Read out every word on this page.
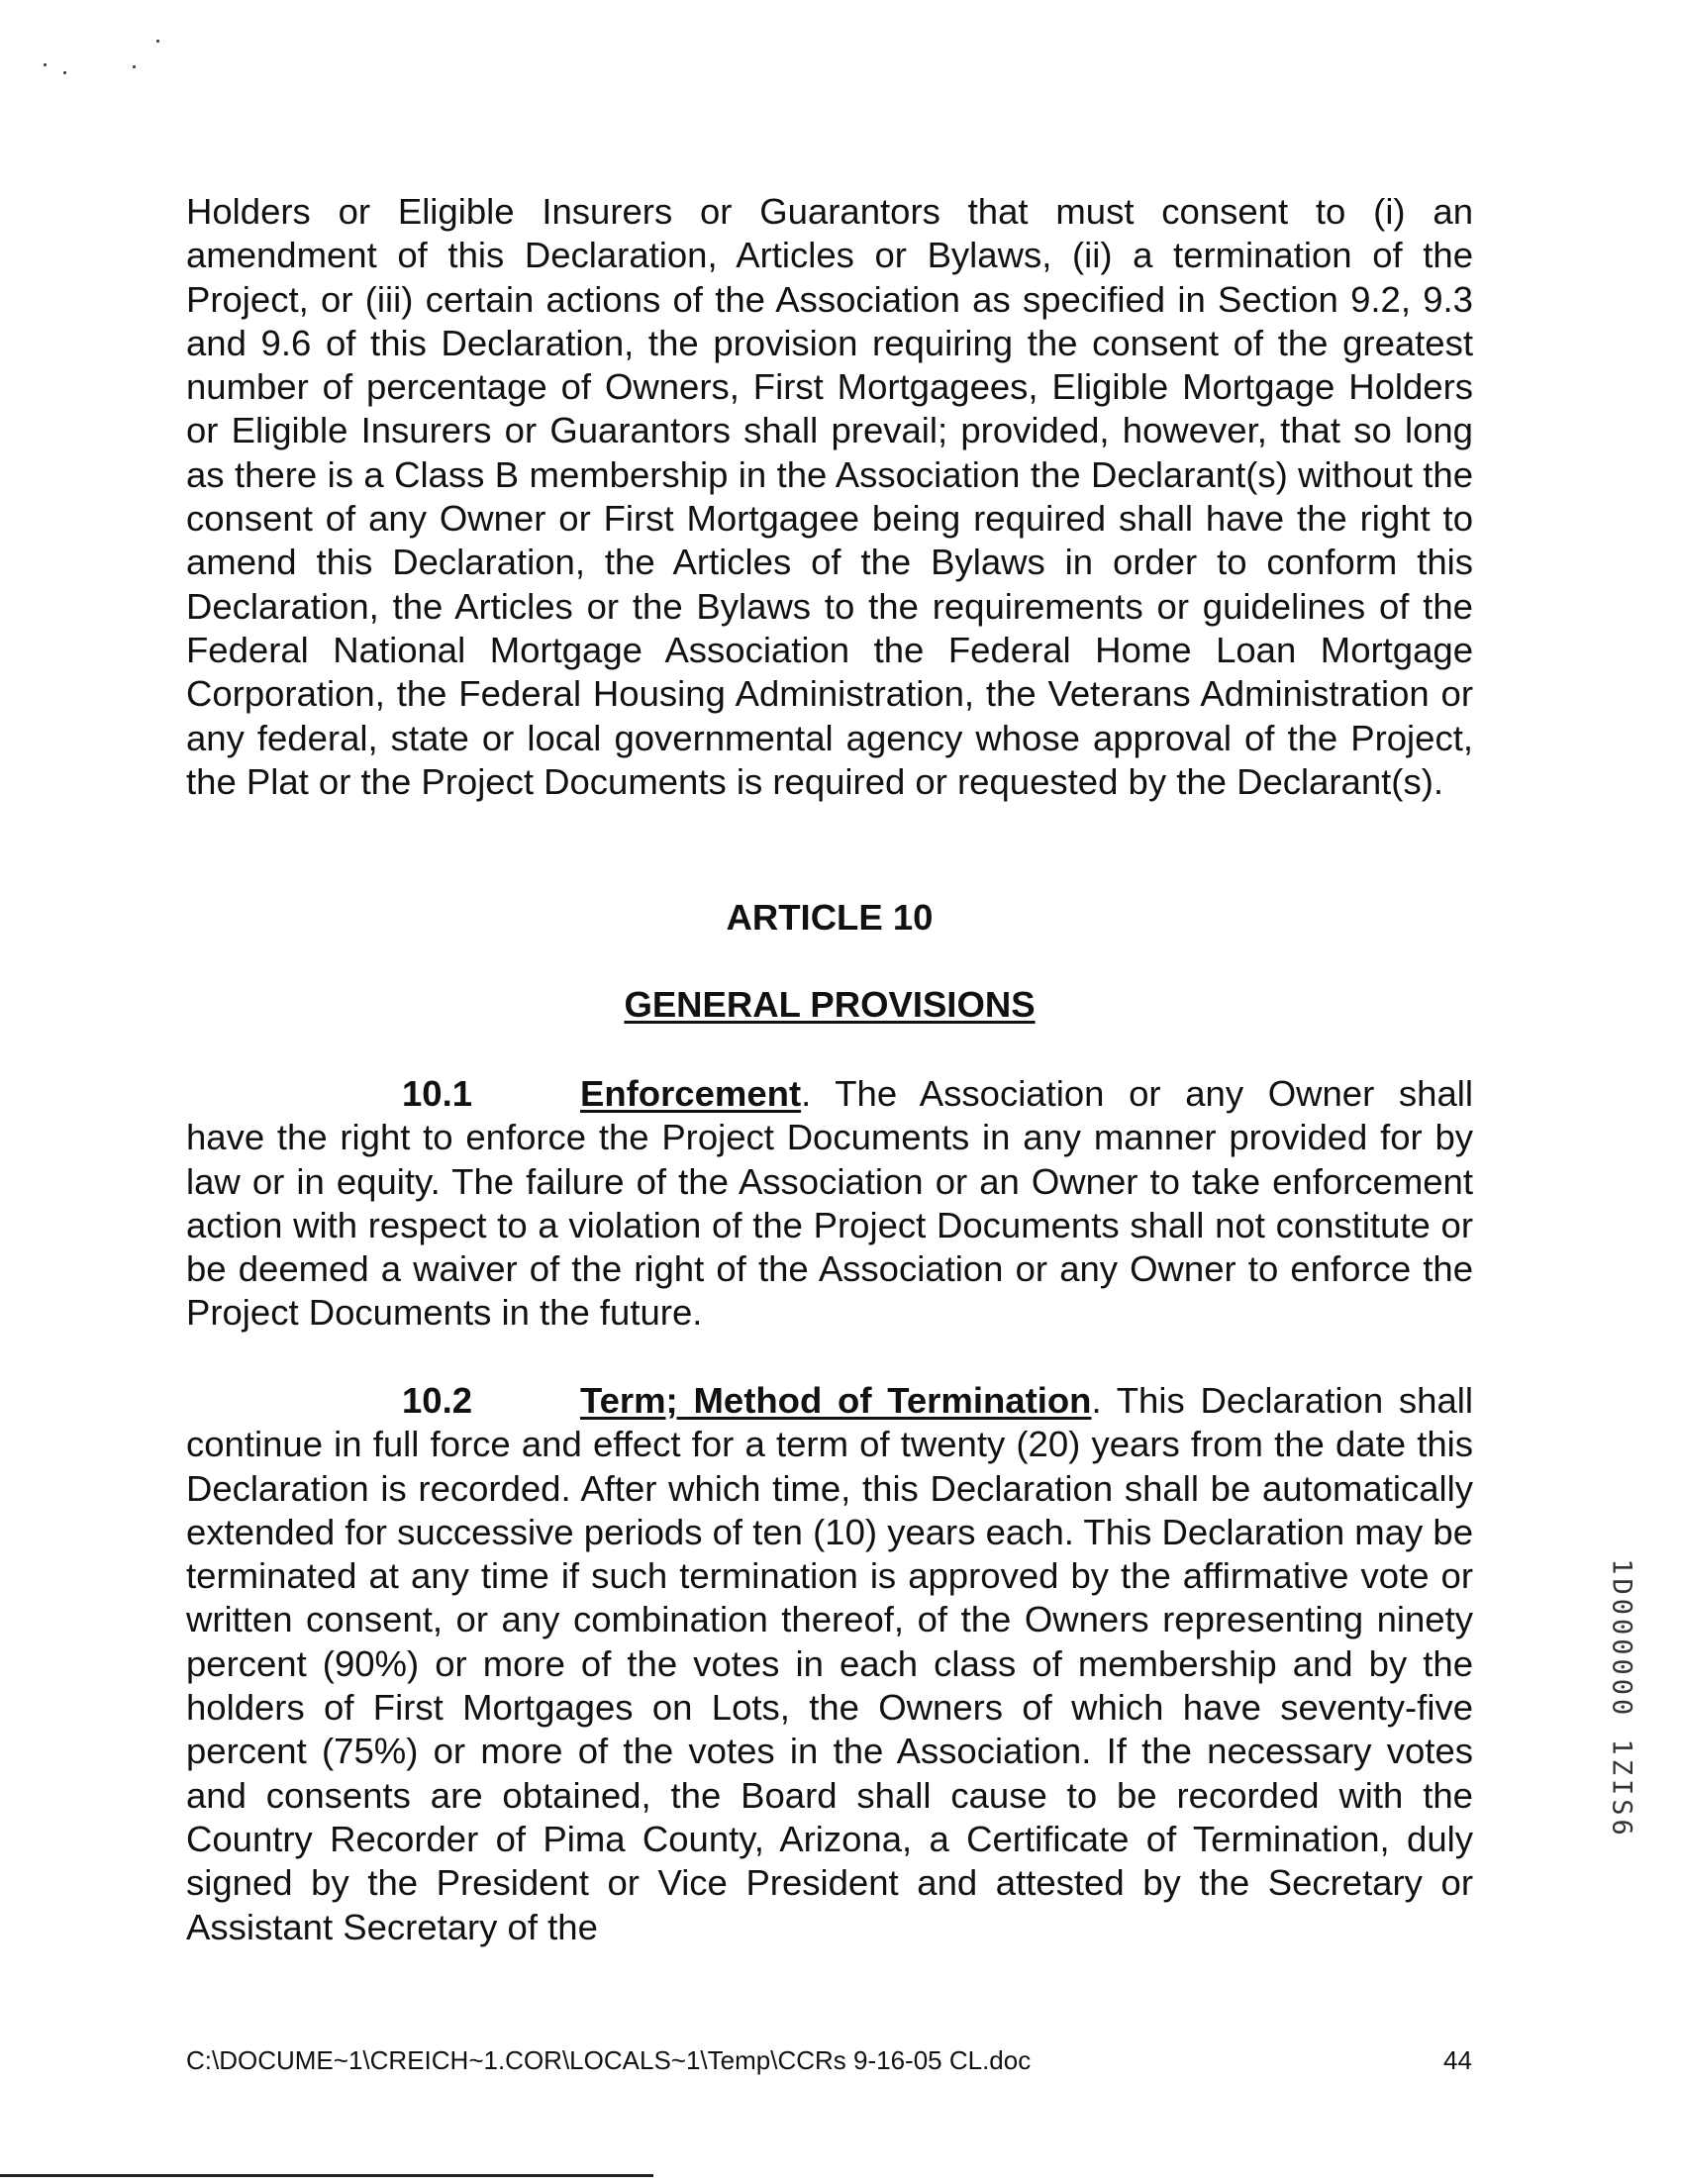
Holders or Eligible Insurers or Guarantors that must consent to (i) an amendment of this Declaration, Articles or Bylaws, (ii) a termination of the Project, or (iii) certain actions of the Association as specified in Section 9.2, 9.3 and 9.6 of this Declaration, the provision requiring the consent of the greatest number of percentage of Owners, First Mortgagees, Eligible Mortgage Holders or Eligible Insurers or Guarantors shall prevail; provided, however, that so long as there is a Class B membership in the Association the Declarant(s) without the consent of any Owner or First Mortgagee being required shall have the right to amend this Declaration, the Articles of the Bylaws in order to conform this Declaration, the Articles or the Bylaws to the requirements or guidelines of the Federal National Mortgage Association the Federal Home Loan Mortgage Corporation, the Federal Housing Administration, the Veterans Administration or any federal, state or local governmental agency whose approval of the Project, the Plat or the Project Documents is required or requested by the Declarant(s).

ARTICLE 10
GENERAL PROVISIONS

10.1	Enforcement. The Association or any Owner shall have the right to enforce the Project Documents in any manner provided for by law or in equity. The failure of the Association or an Owner to take enforcement action with respect to a violation of the Project Documents shall not constitute or be deemed a waiver of the right of the Association or any Owner to enforce the Project Documents in the future.

10.2	Term; Method of Termination. This Declaration shall continue in full force and effect for a term of twenty (20) years from the date this Declaration is recorded. After which time, this Declaration shall be automatically extended for successive periods of ten (10) years each. This Declaration may be terminated at any time if such termination is approved by the affirmative vote or written consent, or any combination thereof, of the Owners representing ninety percent (90%) or more of the votes in each class of membership and by the holders of First Mortgages on Lots, the Owners of which have seventy-five percent (75%) or more of the votes in the Association. If the necessary votes and consents are obtained, the Board shall cause to be recorded with the Country Recorder of Pima County, Arizona, a Certificate of Termination, duly signed by the President or Vice President and attested by the Secretary or Assistant Secretary of the

1D000000 1ZIS6
C:\DOCUME~1\CREICH~1.COR\LOCALS~1\Temp\CCRs 9-16-05 CL.doc	44
